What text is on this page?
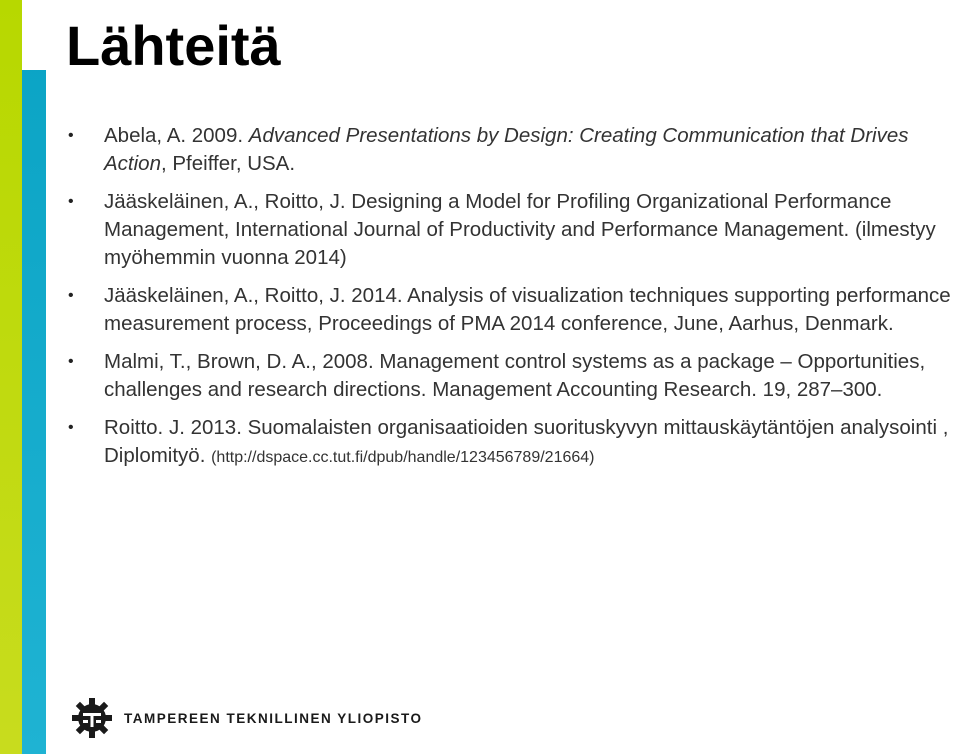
Lähteitä
• Abela, A. 2009. Advanced Presentations by Design: Creating Communication that Drives Action, Pfeiffer, USA.
• Jääskeläinen, A., Roitto, J. Designing a Model for Profiling Organizational Performance Management, International Journal of Productivity and Performance Management. (ilmestyy myöhemmin vuonna 2014)
• Jääskeläinen, A., Roitto, J. 2014. Analysis of visualization techniques supporting performance measurement process, Proceedings of PMA 2014 conference, June, Aarhus, Denmark.
• Malmi, T., Brown, D. A., 2008. Management control systems as a package – Opportunities, challenges and research directions. Management Accounting Research. 19, 287–300.
• Roitto. J. 2013. Suomalaisten organisaatioiden suorituskyvyn mittauskäytäntöjen analysointi , Diplomityö. (http://dspace.cc.tut.fi/dpub/handle/123456789/21664)
TAMPEREEN TEKNILLINEN YLIOPISTO
